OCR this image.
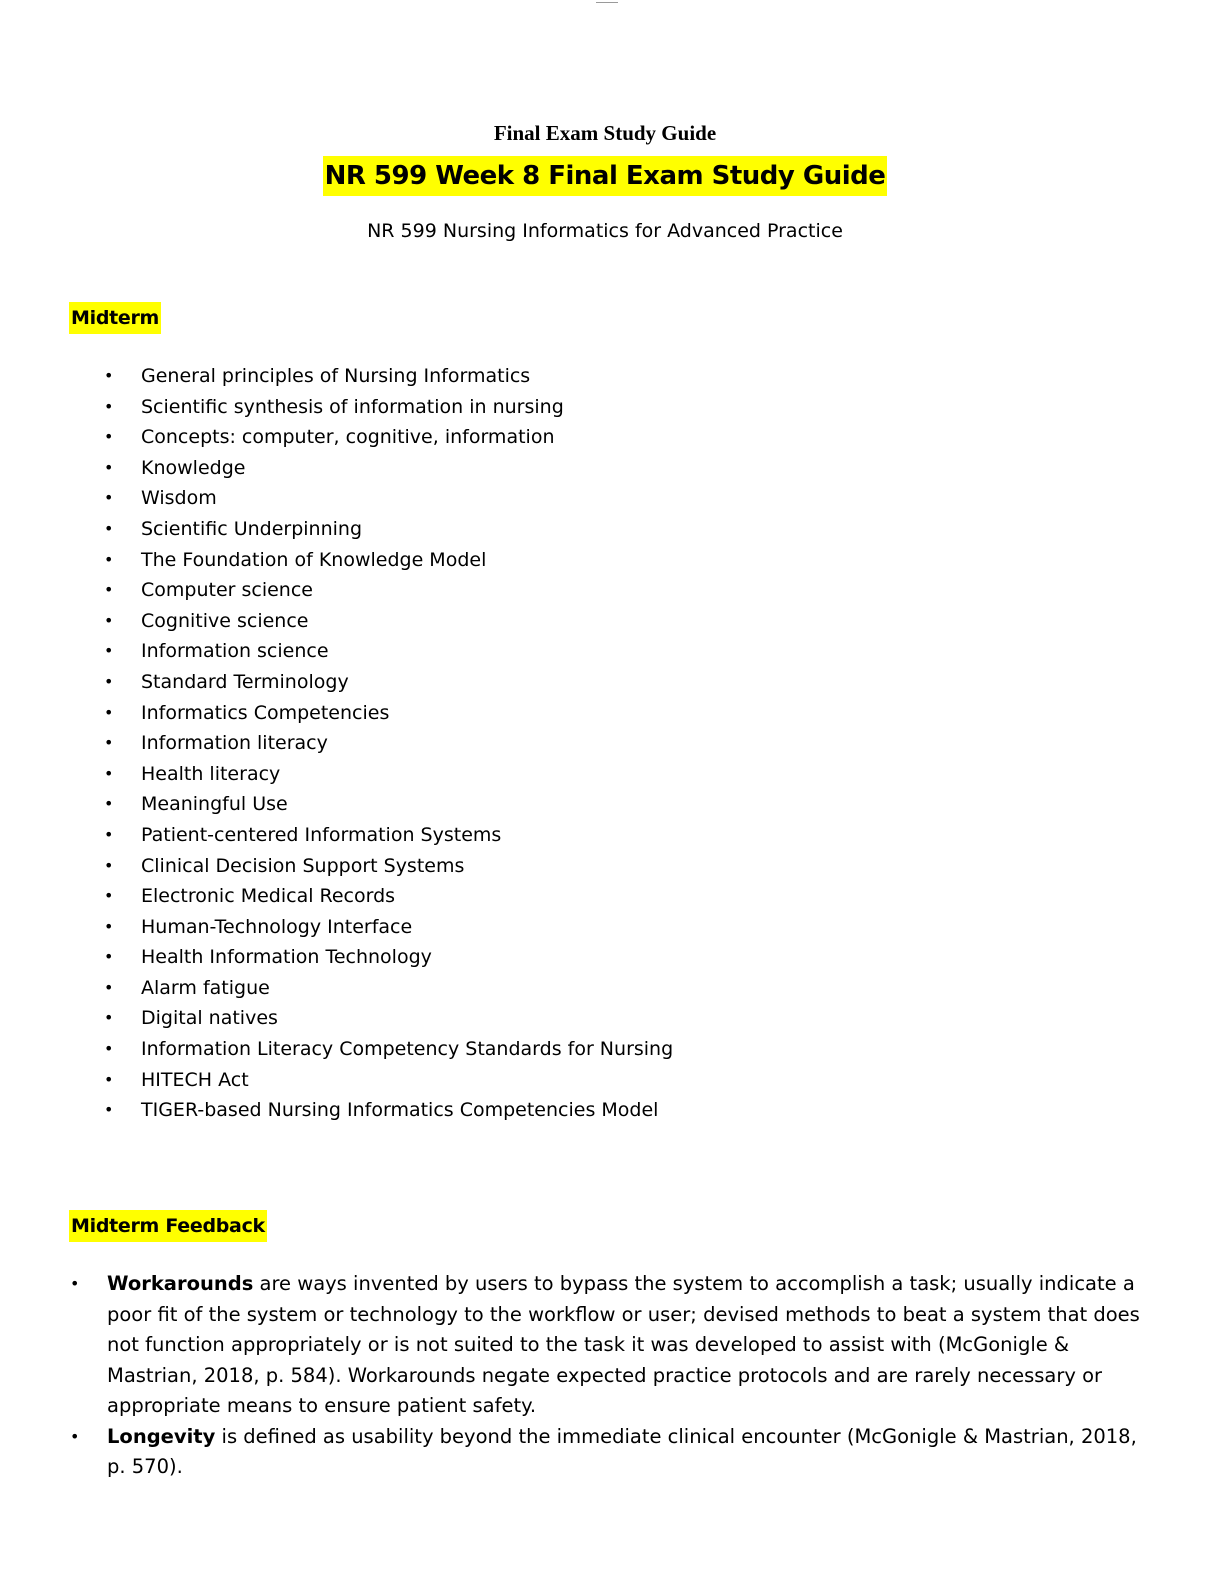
Final Exam Study Guide
NR 599 Week 8 Final Exam Study Guide
NR 599 Nursing Informatics for Advanced Practice
Midterm
• General principles of Nursing Informatics
• Scientific synthesis of information in nursing
• Concepts: computer, cognitive, information
• Knowledge
• Wisdom
• Scientific Underpinning
• The Foundation of Knowledge Model
• Computer science
• Cognitive science
• Information science
• Standard Terminology
• Informatics Competencies
• Information literacy
• Health literacy
• Meaningful Use
• Patient-centered Information Systems
• Clinical Decision Support Systems
• Electronic Medical Records
• Human-Technology Interface
• Health Information Technology
• Alarm fatigue
• Digital natives
• Information Literacy Competency Standards for Nursing
• HITECH Act
• TIGER-based Nursing Informatics Competencies Model
Midterm Feedback
• Workarounds are ways invented by users to bypass the system to accomplish a task; usually indicate a poor fit of the system or technology to the workflow or user; devised methods to beat a system that does not function appropriately or is not suited to the task it was developed to assist with (McGonigle & Mastrian, 2018, p. 584). Workarounds negate expected practice protocols and are rarely necessary or appropriate means to ensure patient safety.
• Longevity is defined as usability beyond the immediate clinical encounter (McGonigle & Mastrian, 2018, p. 570).
